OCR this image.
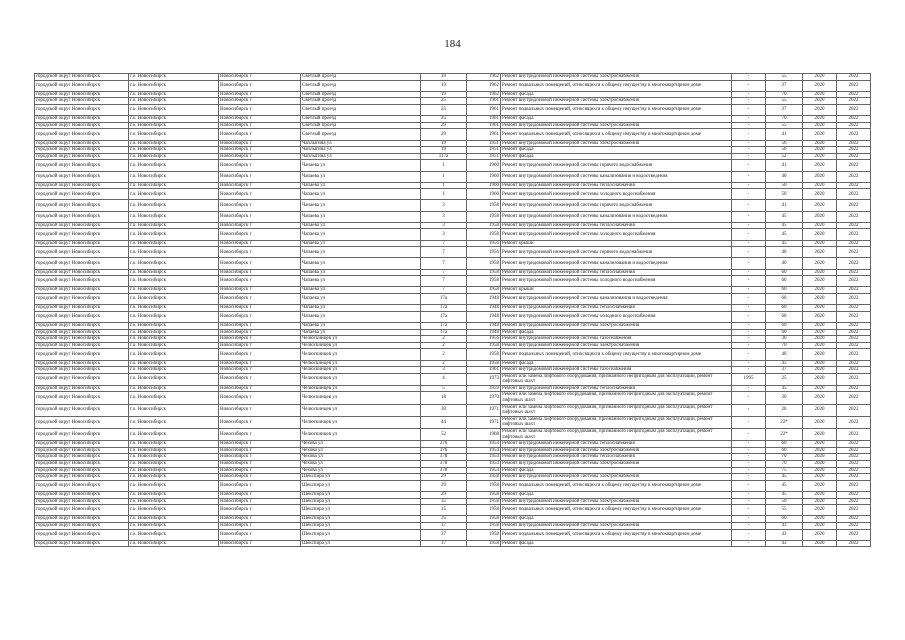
184
городской округ Новосибирск	г.о. Новосибирск	Новосибирск г	Светлый проезд	19	1962	Ремонт внутридомовой инженерной системы электроснабжения	-	55	2020	2022
городской округ Новосибирск	г.о. Новосибирск	Новосибирск г	Светлый проезд	19	1962	Ремонт подвальных помещений, относящихся к общему имуществу в многоквартирном доме	-	37	2020	2022
городской округ Новосибирск	г.о. Новосибирск	Новосибирск г	Светлый проезд	19	1962	Ремонт фасада	-	70	2020	2022
городской округ Новосибирск	г.о. Новосибирск	Новосибирск г	Светлый проезд	25	1961	Ремонт внутридомовой инженерной системы электроснабжения	-	55	2020	2022
городской округ Новосибирск	г.о. Новосибирск	Новосибирск г	Светлый проезд	25	1961	Ремонт подвальных помещений, относящихся к общему имуществу в многоквартирном доме	-	37	2020	2022
городской округ Новосибирск	г.о. Новосибирск	Новосибирск г	Светлый проезд	25	1961	Ремонт фасада	-	70	2020	2022
городской округ Новосибирск	г.о. Новосибирск	Новосибирск г	Светлый проезд	29	1961	Ремонт внутридомовой инженерной системы электроснабжения	-	55	2020	2022
городской округ Новосибирск	г.о. Новосибирск	Новосибирск г	Светлый проезд	29	1961	Ремонт подвальных помещений, относящихся к общему имуществу в многоквартирном доме	-	41	2020	2022
городской округ Новосибирск	г.о. Новосибирск	Новосибирск г	Чаплыгина ул	19	1951	Ремонт внутридомовой инженерной системы электроснабжения	-	56	2020	2022
городской округ Новосибирск	г.о. Новосибирск	Новосибирск г	Чаплыгина ул	19	1951	Ремонт фасада	-	56	2020	2022
городской округ Новосибирск	г.о. Новосибирск	Новосибирск г	Чаплыгина ул	117а	1951	Ремонт фасада	-	52	2020	2022
городской округ Новосибирск	г.о. Новосибирск	Новосибирск г	Чапаева ул	1	1960	Ремонт внутридомовой инженерной системы горячего водоснабжения	-	41	2020	2022
городской округ Новосибирск	г.о. Новосибирск	Новосибирск г	Чапаева ул	1	1960	Ремонт внутридомовой инженерной системы канализования и водоотведения	-	40	2020	2022
городской округ Новосибирск	г.о. Новосибирск	Новосибирск г	Чапаева ул	1	1960	Ремонт внутридомовой инженерной системы теплоснабжения	-	50	2020	2022
городской округ Новосибирск	г.о. Новосибирск	Новосибирск г	Чапаева ул	1	1960	Ремонт внутридомовой инженерной системы холодного водоснабжения	-	50	2020	2022
городской округ Новосибирск	г.о. Новосибирск	Новосибирск г	Чапаева ул	3	1958	Ремонт внутридомовой инженерной системы горячего водоснабжения	-	41	2020	2022
городской округ Новосибирск	г.о. Новосибирск	Новосибирск г	Чапаева ул	3	1958	Ремонт внутридомовой инженерной системы канализования и водоотведения	-	45	2020	2022
городской округ Новосибирск	г.о. Новосибирск	Новосибирск г	Чапаева ул	3	1958	Ремонт внутридомовой инженерной системы теплоснабжения	-	45	2020	2022
городской округ Новосибирск	г.о. Новосибирск	Новосибирск г	Чапаева ул	3	1958	Ремонт внутридомовой инженерной системы холодного водоснабжения	-	45	2020	2022
городской округ Новосибирск	г.о. Новосибирск	Новосибирск г	Чапаева ул	7	1956	Ремонт крыши	-	45	2020	2022
городской округ Новосибирск	г.о. Новосибирск	Новосибирск г	Чапаева ул	7	1956	Ремонт внутридомовой инженерной системы горячего водоснабжения	-	40	2020	2022
городской округ Новосибирск	г.о. Новосибирск	Новосибирск г	Чапаева ул	7	1958	Ремонт внутридомовой инженерной системы канализования и водоотведения	-	40	2020	2022
городской округ Новосибирск	г.о. Новосибирск	Новосибирск г	Чапаева ул	7	1958	Ремонт внутридомовой инженерной системы теплоснабжения	-	60	2020	2022
городской округ Новосибирск	г.о. Новосибирск	Новосибирск г	Чапаева ул	7	1958	Ремонт внутридомовой инженерной системы холодного водоснабжения	-	60	2020	2022
городской округ Новосибирск	г.о. Новосибирск	Новосибирск г	Чапаева ул	7	1958	Ремонт крыши	-	60	2020	2022
городской округ Новосибирск	г.о. Новосибирск	Новосибирск г	Чапаева ул	17а	1948	Ремонт внутридомовой инженерной системы канализования и водоотведения	-	60	2020	2022
городской округ Новосибирск	г.о. Новосибирск	Новосибирск г	Чапаева ул	17а	1948	Ремонт внутридомовой инженерной системы теплоснабжения	-	60	2020	2022
городской округ Новосибирск	г.о. Новосибирск	Новосибирск г	Чапаева ул	17а	1948	Ремонт внутридомовой инженерной системы холодного водоснабжения	-	60	2020	2022
городской округ Новосибирск	г.о. Новосибирск	Новосибирск г	Чапаева ул	17а	1948	Ремонт внутридомовой инженерной системы электроснабжения	-	60	2020	2022
городской округ Новосибирск	г.о. Новосибирск	Новосибирск г	Чапаева ул	17а	1948	Ремонт фасада	-	60	2020	2022
городской округ Новосибирск	г.о. Новосибирск	Новосибирск г	Челюскинцев ул	2	1956	Ремонт внутридомовой инженерной системы газоснабжения	-	36	2020	2022
городской округ Новосибирск	г.о. Новосибирск	Новосибирск г	Челюскинцев ул	2	1958	Ремонт внутридомовой инженерной системы электроснабжения	-	70	2020	2022
городской округ Новосибирск	г.о. Новосибирск	Новосибирск г	Челюскинцев ул	2	1958	Ремонт подвальных помещений, относящихся к общему имуществу в многоквартирном доме	-	40	2020	2022
городской округ Новосибирск	г.о. Новосибирск	Новосибирск г	Челюскинцев ул	2	1958	Ремонт фасада	-	45	2020	2022
городской округ Новосибирск	г.о. Новосибирск	Новосибирск г	Челюскинцев ул	3	1961	Ремонт внутридомовой инженерной системы газоснабжения	-	37	2020	2022
городской округ Новосибирск	г.о. Новосибирск	Новосибирск г	Челюскинцев ул	4	1973	Ремонт или замена лифтового оборудования, признанного непригодным для эксплуатации, ремонт лифтовых шахт	1995	25	2020	2022
городской округ Новосибирск	г.о. Новосибирск	Новосибирск г	Челюскинцев ул	5	1959	Ремонт внутридомовой инженерной системы теплоснабжения	-	45	2020	2022
городской округ Новосибирск	г.о. Новосибирск	Новосибирск г	Челюскинцев ул	18	1970	Ремонт или замена лифтового оборудования, признанного непригодным для эксплуатации, ремонт лифтовых шахт	-	30	2020	2022
городской округ Новосибирск	г.о. Новосибирск	Новосибирск г	Челюскинцев ул	30	1971	Ремонт или замена лифтового оборудования, признанного непригодным для эксплуатации, ремонт лифтовых шахт	-	20	2020	2022
городской округ Новосибирск	г.о. Новосибирск	Новосибирск г	Челюскинцев ул	44	1971	Ремонт или замена лифтового оборудования, признанного непригодным для эксплуатации, ремонт лифтовых шахт	-	22*	2020	2022
городской округ Новосибирск	г.о. Новосибирск	Новосибирск г	Челюскинцев ул	52	1968	Ремонт или замена лифтового оборудования, признанного непригодным для эксплуатации, ремонт лифтовых шахт	-	22*	2020	2022
городской округ Новосибирск	г.о. Новосибирск	Новосибирск г	Чехова ул	376	1954	Ремонт внутридомовой инженерной системы теплоснабжения	-	60	2020	2022
городской округ Новосибирск	г.о. Новосибирск	Новосибирск г	Чехова ул	376	1954	Ремонт внутридомовой инженерной системы электроснабжения	-	60	2020	2022
городской округ Новосибирск	г.о. Новосибирск	Новосибирск г	Чехова ул	378	1954	Ремонт внутридомовой инженерной системы теплоснабжения	-	70	2020	2022
городской округ Новосибирск	г.о. Новосибирск	Новосибирск г	Чехова ул	378	1954	Ремонт внутридомовой инженерной системы электроснабжения	-	70	2020	2022
городской округ Новосибирск	г.о. Новосибирск	Новосибирск г	Чехова ул	378	1954	Ремонт фасада	-	75	2020	2022
городской округ Новосибирск	г.о. Новосибирск	Новосибирск г	Шекспира ул	29	1958	Ремонт внутридомовой инженерной системы электроснабжения	-	45	2020	2022
городской округ Новосибирск	г.о. Новосибирск	Новосибирск г	Шекспира ул	29	1958	Ремонт подвальных помещений, относящихся к общему имуществу в многоквартирном доме	-	45	2020	2022
городской округ Новосибирск	г.о. Новосибирск	Новосибирск г	Шекспира ул	29	1958	Ремонт фасада	-	45	2020	2022
городской округ Новосибирск	г.о. Новосибирск	Новосибирск г	Шекспира ул	35	1958	Ремонт внутридомовой инженерной системы электроснабжения	-	50	2020	2022
городской округ Новосибирск	г.о. Новосибирск	Новосибирск г	Шекспира ул	35	1958	Ремонт подвальных помещений, относящихся к общему имуществу в многоквартирном доме	-	55	2020	2022
городской округ Новосибирск	г.о. Новосибирск	Новосибирск г	Шекспира ул	35	1958	Ремонт фасада	-	60	2020	2022
городской округ Новосибирск	г.о. Новосибирск	Новосибирск г	Шекспира ул	37	1958	Ремонт внутридомовой инженерной системы электроснабжения	-	43	2020	2022
городской округ Новосибирск	г.о. Новосибирск	Новосибирск г	Шекспира ул	37	1958	Ремонт подвальных помещений, относящихся к общему имуществу в многоквартирном доме	-	43	2020	2022
городской округ Новосибирск	г.о. Новосибирск	Новосибирск г	Шекспира ул	37	1958	Ремонт фасада	-	43	2020	2022
